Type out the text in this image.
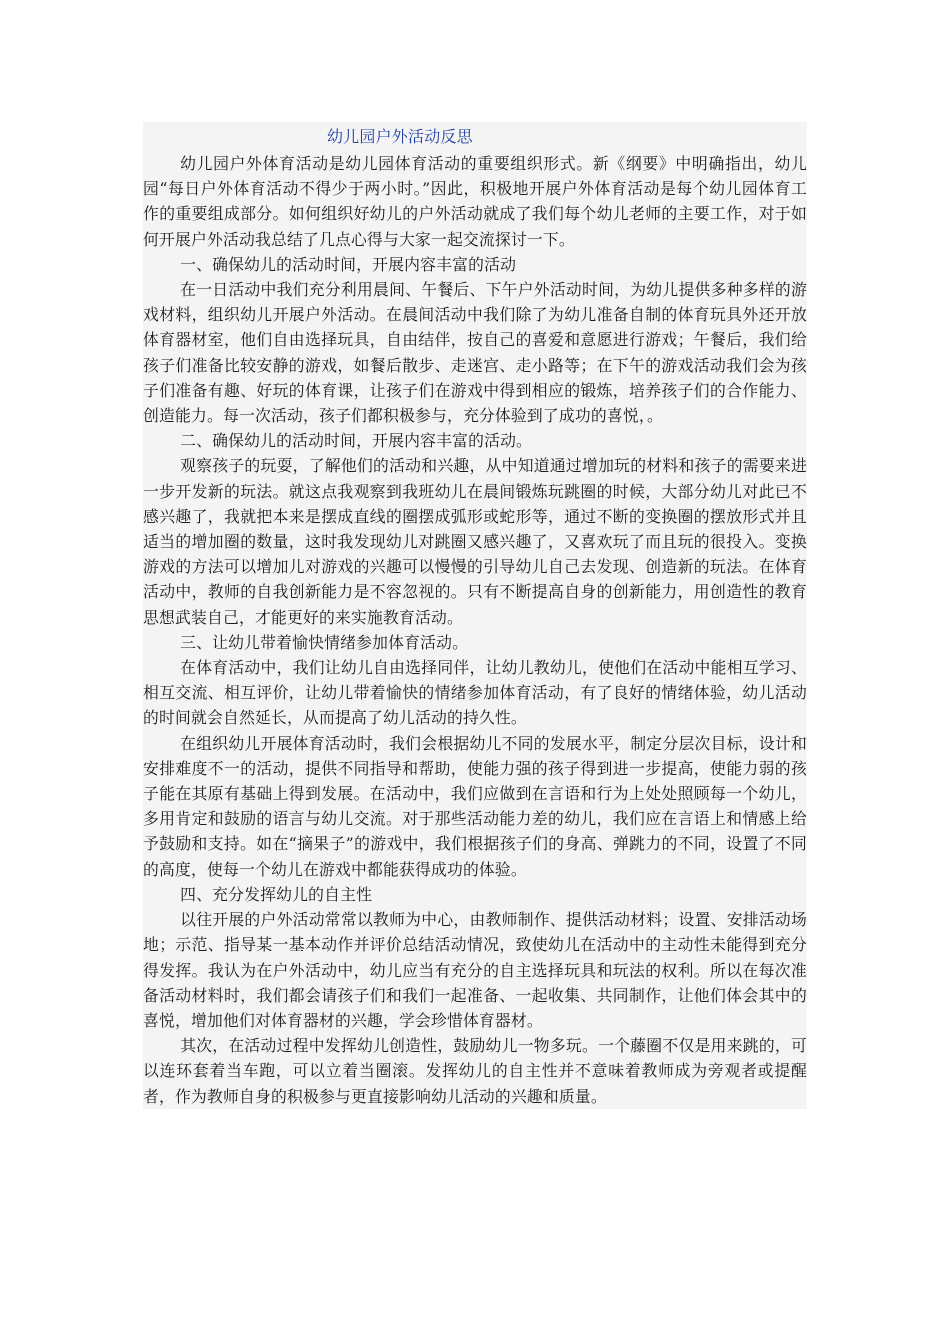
幼儿园户外活动反思

幼儿园户外体育活动是幼儿园体育活动的重要组织形式。新《纲要》中明确指出，幼儿园“每日户外体育活动不得少于两小时。”因此，积极地开展户外体育活动是每个幼儿园体育工作的重要组成部分。如何组织好幼儿的户外活动就成了我们每个幼儿老师的主要工作，对于如何开展户外活动我总结了几点心得与大家一起交流探讨一下。

一、确保幼儿的活动时间，开展内容丰富的活动

在一日活动中我们充分利用晨间、午餐后、下午户外活动时间，为幼儿提供多种多样的游戏材料，组织幼儿开展户外活动。在晨间活动中我们除了为幼儿准备自制的体育玩具外还开放体育器材室，他们自由选择玩具，自由结伴，按自己的喜爱和意愿进行游戏；午餐后，我们给孩子们准备比较安静的游戏，如餐后散步、走迷宫、走小路等；在下午的游戏活动我们会为孩子们准备有趣、好玩的体育课，让孩子们在游戏中得到相应的锻炼，培养孩子们的合作能力、创造能力。每一次活动，孩子们都积极参与，充分体验到了成功的喜悦，。

二、确保幼儿的活动时间，开展内容丰富的活动。

观察孩子的玩耍，了解他们的活动和兴趣，从中知道通过增加玩的材料和孩子的需要来进一步开发新的玩法。就这点我观察到我班幼儿在晨间锻炼玩跳圈的时候，大部分幼儿对此已不感兴趣了，我就把本来是摆成直线的圈摆成弧形或蛇形等，通过不断的变换圈的摆放形式并且适当的增加圈的数量，这时我发现幼儿对跳圈又感兴趣了，又喜欢玩了而且玩的很投入。变换游戏的方法可以增加儿对游戏的兴趣可以慢慢的引导幼儿自己去发现、创造新的玩法。在体育活动中，教师的自我创新能力是不容忽视的。只有不断提高自身的创新能力，用创造性的教育思想武装自己，才能更好的来实施教育活动。

三、让幼儿带着愉快情绪参加体育活动。

在体育活动中，我们让幼儿自由选择同伴，让幼儿教幼儿，使他们在活动中能相互学习、相互交流、相互评价，让幼儿带着愉快的情绪参加体育活动，有了良好的情绪体验，幼儿活动的时间就会自然延长，从而提高了幼儿活动的持久性。

在组织幼儿开展体育活动时，我们会根据幼儿不同的发展水平，制定分层次目标，设计和安排难度不一的活动，提供不同指导和帮助，使能力强的孩子得到进一步提高，使能力弱的孩子能在其原有基础上得到发展。在活动中，我们应做到在言语和行为上处处照顾每一个幼儿，多用肯定和鼓励的语言与幼儿交流。对于那些活动能力差的幼儿，我们应在言语上和情感上给予鼓励和支持。如在“摘果子”的游戏中，我们根据孩子们的身高、弹跳力的不同，设置了不同的高度，使每一个幼儿在游戏中都能获得成功的体验。

四、充分发挥幼儿的自主性

以往开展的户外活动常常以教师为中心，由教师制作、提供活动材料；设置、安排活动场地；示范、指导某一基本动作并评价总结活动情况，致使幼儿在活动中的主动性未能得到充分得发挥。我认为在户外活动中，幼儿应当有充分的自主选择玩具和玩法的权利。所以在每次准备活动材料时，我们都会请孩子们和我们一起准备、一起收集、共同制作，让他们体会其中的喜悦，增加他们对体育器材的兴趣，学会珍惜体育器材。

其次，在活动过程中发挥幼儿创造性，鼓励幼儿一物多玩。一个藤圈不仅是用来跳的，可以连环套着当车跑，可以立着当圈滚。发挥幼儿的自主性并不意味着教师成为旁观者或提醒者，作为教师自身的积极参与更直接影响幼儿活动的兴趣和质量。
